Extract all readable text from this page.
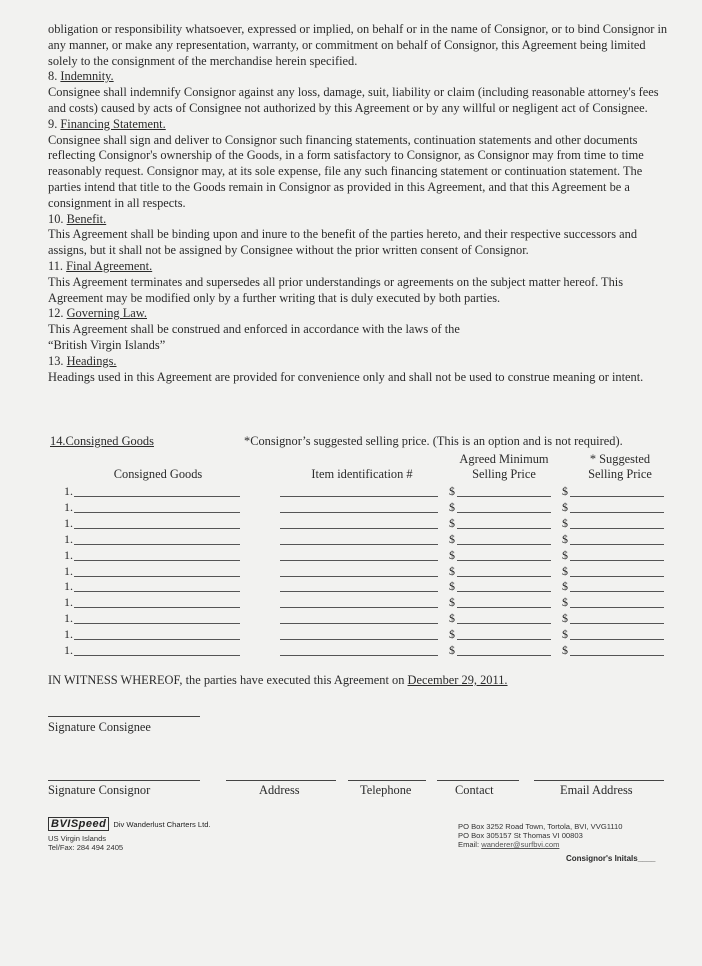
obligation or responsibility whatsoever, expressed or implied, on behalf or in the name of Consignor, or to bind Consignor in any manner, or make any representation, warranty, or commitment on behalf of Consignor, this Agreement being limited solely to the consignment of the merchandise herein specified.

8. Indemnity.

Consignee shall indemnify Consignor against any loss, damage, suit, liability or claim (including reasonable attorney's fees and costs) caused by acts of Consignee not authorized by this Agreement or by any willful or negligent act of Consignee.

9. Financing Statement.

Consignee shall sign and deliver to Consignor such financing statements, continuation statements and other documents reflecting Consignor's ownership of the Goods, in a form satisfactory to Consignor, as Consignor may from time to time reasonably request. Consignor may, at its sole expense, file any such financing statement or continuation statement. The parties intend that title to the Goods remain in Consignor as provided in this Agreement, and that this Agreement be a consignment in all respects.

10. Benefit.

This Agreement shall be binding upon and inure to the benefit of the parties hereto, and their respective successors and assigns, but it shall not be assigned by Consignee without the prior written consent of Consignor.

11. Final Agreement.

This Agreement terminates and supersedes all prior understandings or agreements on the subject matter hereof. This Agreement may be modified only by a further writing that is duly executed by both parties.

12. Governing Law.

This Agreement shall be construed and enforced in accordance with the laws of the

“British Virgin Islands”

13. Headings.

Headings used in this Agreement are provided for convenience only and shall not be used to construe meaning or intent.

14.Consigned Goods	*Consignor’s suggested selling price. (This is an option and is not required).
Consigned Goods	Item identification #
Agreed Minimum
Selling Price
* Suggested
Selling Price
1.	$	$
1.	$	$
1.	$	$
1.	$	$
1.	$	$
1.	$	$
1.	$	$
1.	$	$
1.	$	$
1.	$	$
1.	$	$
IN WITNESS WHEREOF, the parties have executed this Agreement on December 29, 2011.
Signature Consignee
Signature Consignor	Address	Telephone	Contact	Email Address
BVISpeed Div Wanderlust Charters Ltd.
US Virgin Islands
Tel/Fax: 284 494 2405
PO Box 3252 Road Town, Tortola, BVI, VVG1110
PO Box 305157 St Thomas VI 00803
Email: wanderer@surfbvi.com
Consignor's Initals____
